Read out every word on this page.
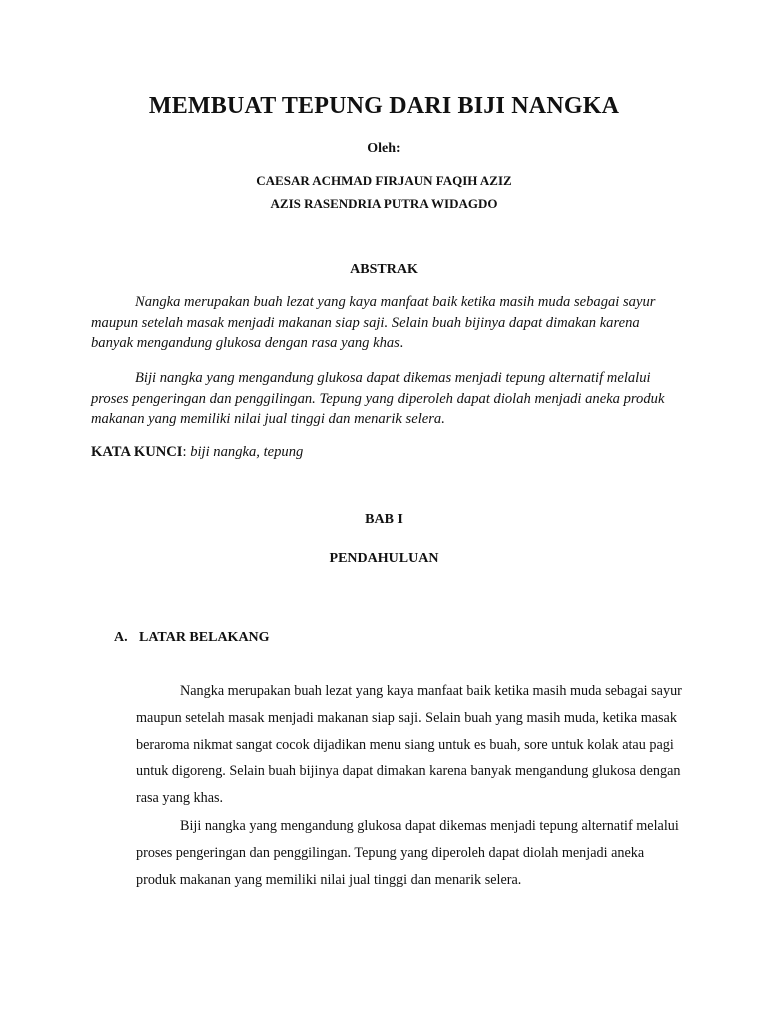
MEMBUAT TEPUNG DARI BIJI NANGKA
Oleh:
CAESAR ACHMAD FIRJAUN FAQIH AZIZ
AZIS RASENDRIA PUTRA WIDAGDO
ABSTRAK

Nangka merupakan buah lezat yang kaya manfaat baik ketika masih muda sebagai sayur maupun setelah masak menjadi makanan siap saji. Selain buah bijinya dapat dimakan karena banyak mengandung glukosa dengan rasa yang khas.

Biji nangka yang mengandung glukosa dapat dikemas menjadi tepung alternatif melalui proses pengeringan dan penggilingan. Tepung yang diperoleh dapat diolah menjadi aneka produk makanan yang memiliki nilai jual tinggi dan menarik selera.

KATA KUNCI: biji nangka, tepung

BAB I
PENDAHULUAN
A. LATAR BELAKANG

Nangka merupakan buah lezat yang kaya manfaat baik ketika masih muda sebagai sayur maupun setelah masak menjadi makanan siap saji. Selain buah yang masih muda, ketika masak beraroma nikmat sangat cocok dijadikan menu siang untuk es buah, sore untuk kolak atau pagi untuk digoreng. Selain buah bijinya dapat dimakan karena banyak mengandung glukosa dengan rasa yang khas.

Biji nangka yang mengandung glukosa dapat dikemas menjadi tepung alternatif melalui proses pengeringan dan penggilingan. Tepung yang diperoleh dapat diolah menjadi aneka produk makanan yang memiliki nilai jual tinggi dan menarik selera.
